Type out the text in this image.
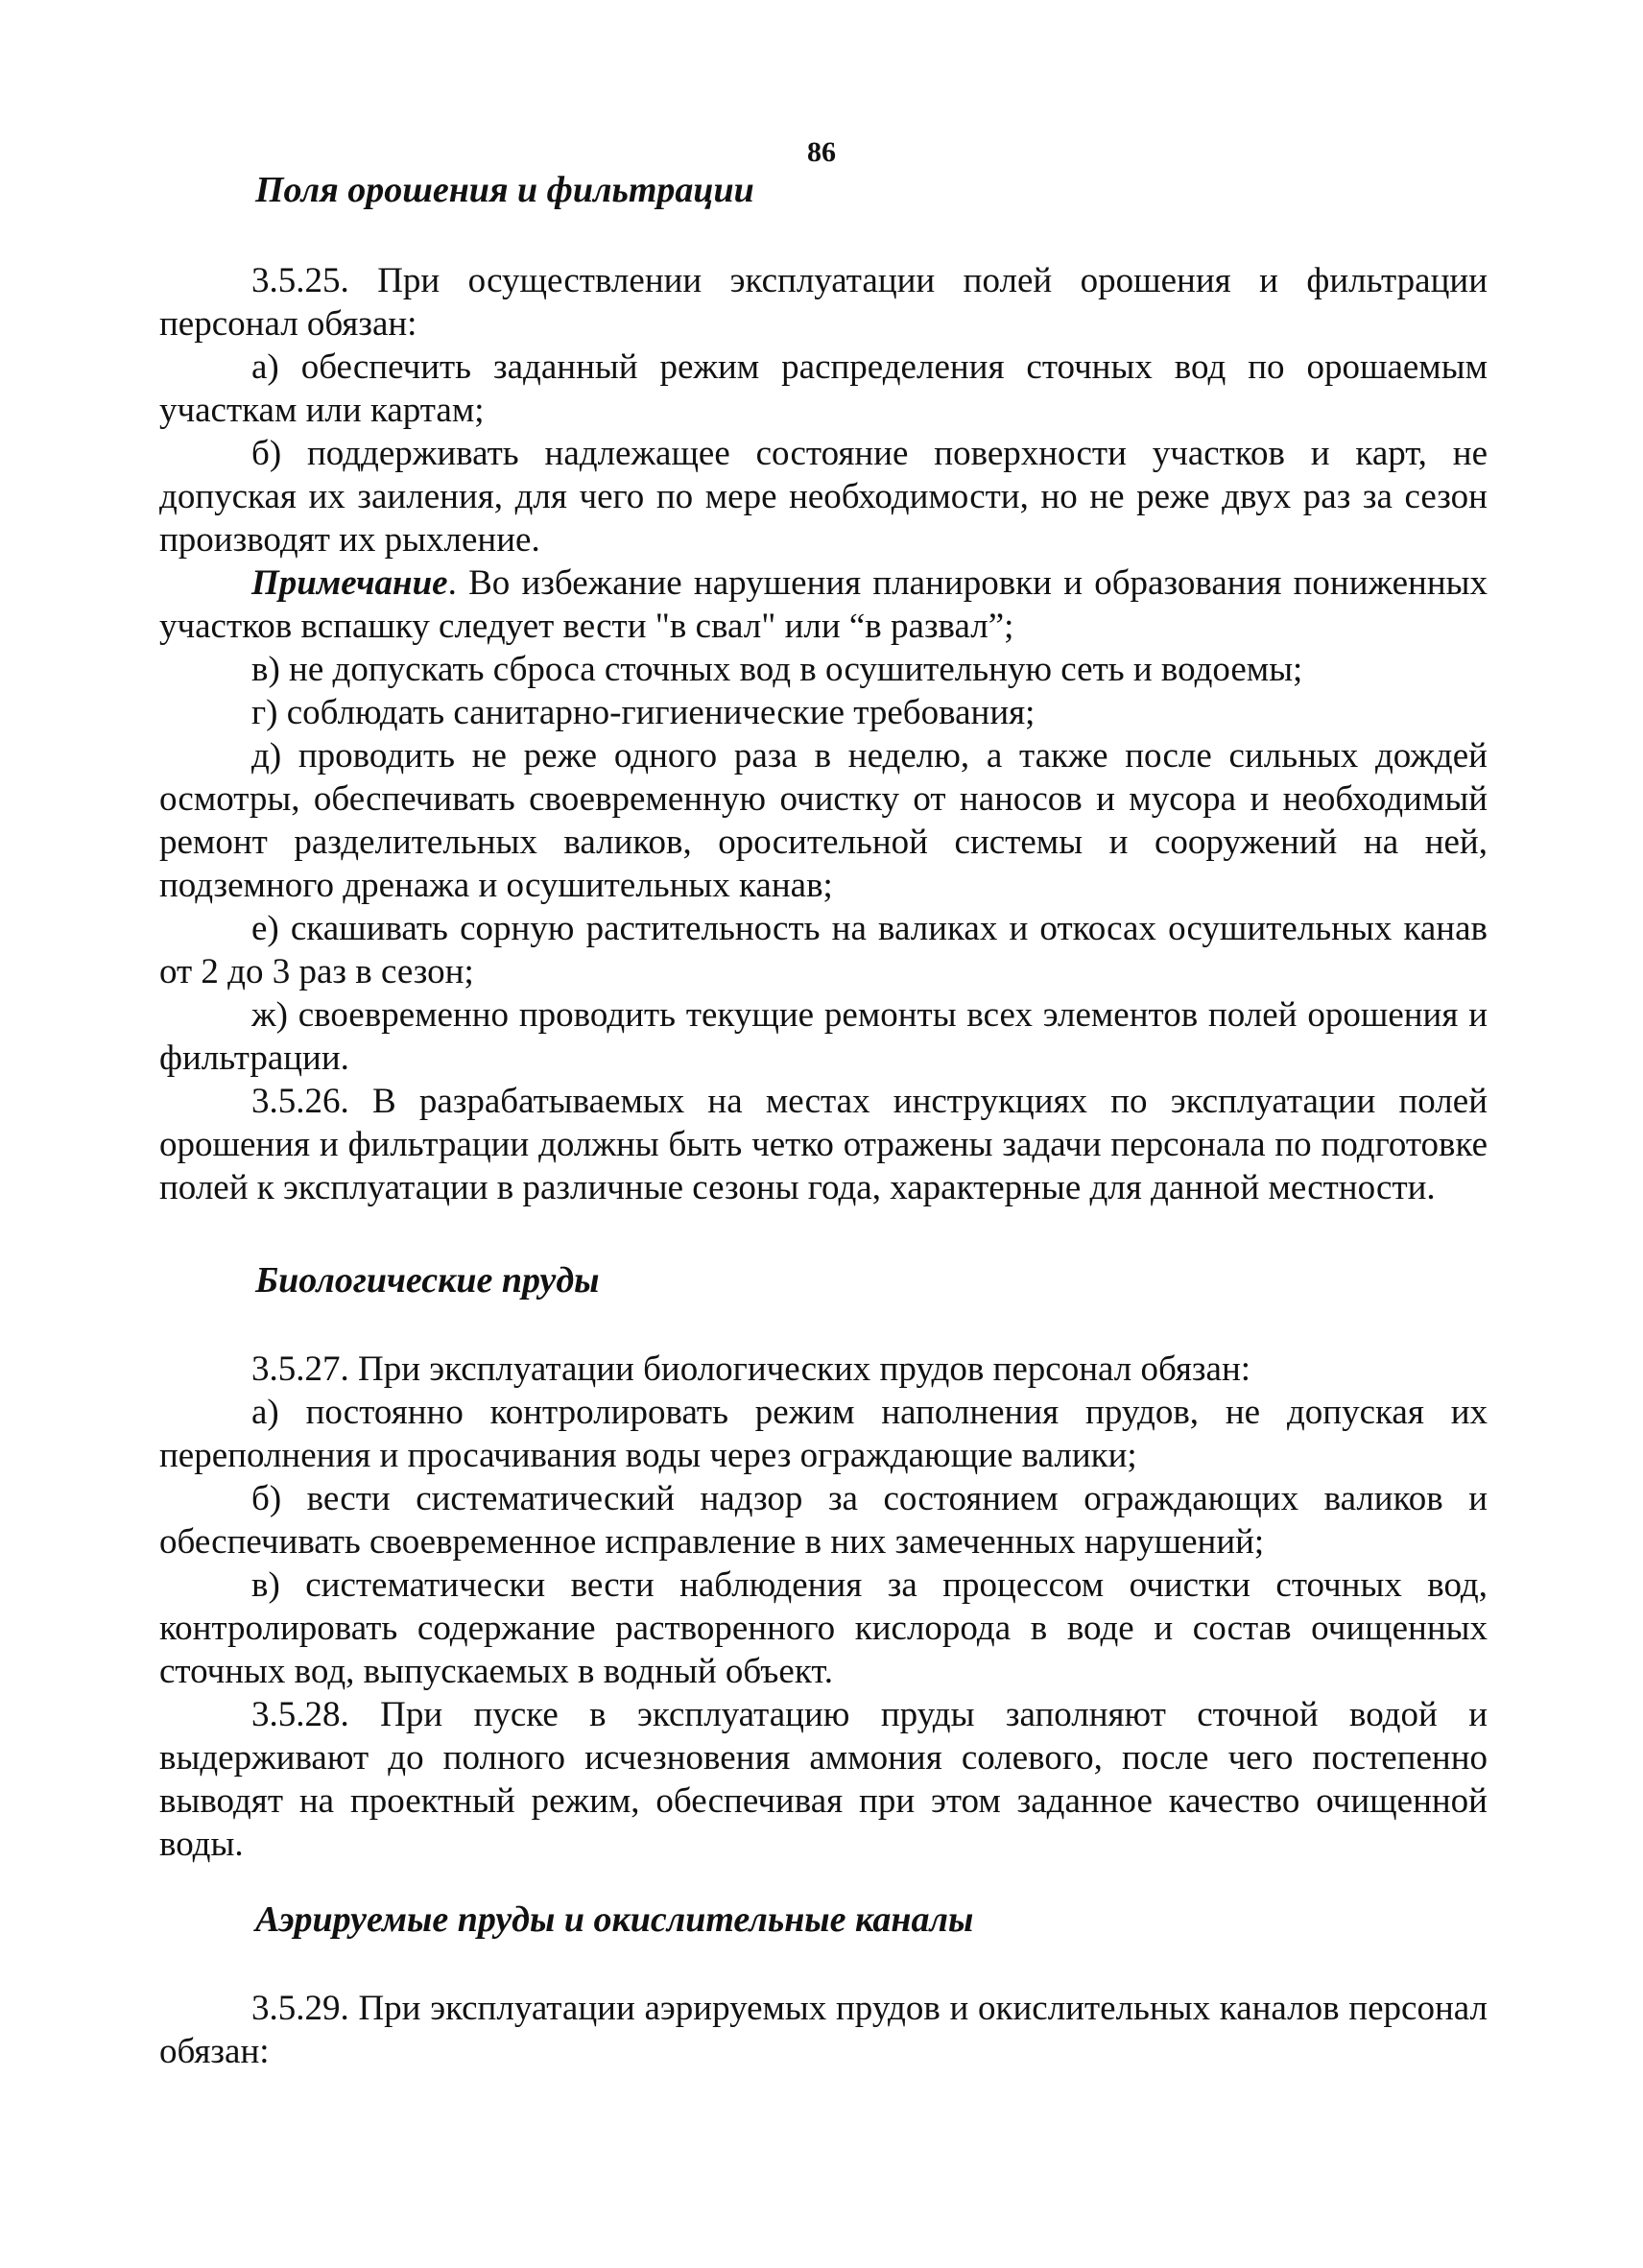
86
Поля орошения и фильтрации

3.5.25. При осуществлении эксплуатации полей орошения и фильтрации персонал обязан:

а) обеспечить заданный режим распределения сточных вод по орошаемым участкам или картам;

б) поддерживать надлежащее состояние поверхности участков и карт, не допуская их заиления, для чего по мере необходимости, но не реже двух раз за сезон производят их рыхление.

Примечание. Во избежание нарушения планировки и образования пониженных участков вспашку следует вести "в свал" или “в развал”;

в) не допускать сброса сточных вод в осушительную сеть и водоемы;

г) соблюдать санитарно-гигиенические требования;

д) проводить не реже одного раза в неделю, а также после сильных дождей осмотры, обеспечивать своевременную очистку от наносов и мусора и необходимый ремонт разделительных валиков, оросительной системы и сооружений на ней, подземного дренажа и осушительных канав;

е) скашивать сорную растительность на валиках и откосах осушительных канав от 2 до 3 раз в сезон;

ж) своевременно проводить текущие ремонты всех элементов полей орошения и фильтрации.

3.5.26. В разрабатываемых на местах инструкциях по эксплуатации полей орошения и фильтрации должны быть четко отражены задачи персонала по подготовке полей к эксплуатации в различные сезоны года, характерные для данной местности.

Биологические пруды

3.5.27. При эксплуатации биологических прудов персонал обязан:

а) постоянно контролировать режим наполнения прудов, не допуская их переполнения и просачивания воды через ограждающие валики;

б) вести систематический надзор за состоянием ограждающих валиков и обеспечивать своевременное исправление в них замеченных нарушений;

в) систематически вести наблюдения за процессом очистки сточных вод, контролировать содержание растворенного кислорода в воде и состав очищенных сточных вод, выпускаемых в водный объект.

3.5.28. При пуске в эксплуатацию пруды заполняют сточной водой и выдерживают до полного исчезновения аммония солевого, после чего постепенно выводят на проектный режим, обеспечивая при этом заданное качество очищенной воды.

Аэрируемые пруды и окислительные каналы

3.5.29. При эксплуатации аэрируемых прудов и окислительных каналов персонал обязан:
